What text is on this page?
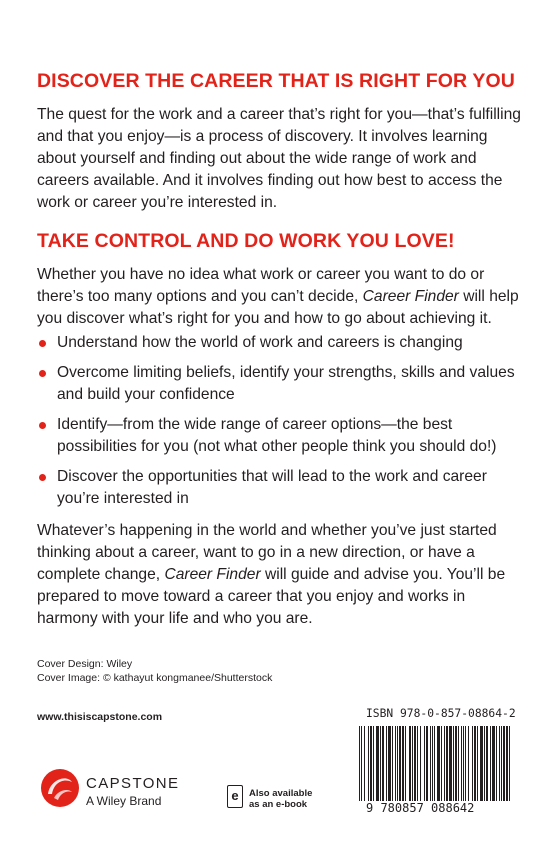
DISCOVER THE CAREER THAT IS RIGHT FOR YOU

The quest for the work and a career that’s right for you—that’s fulfilling and that you enjoy—is a process of discovery. It involves learning about yourself and finding out about the wide range of work and careers available. And it involves finding out how best to access the work or career you’re interested in.

TAKE CONTROL AND DO WORK YOU LOVE!

Whether you have no idea what work or career you want to do or there’s too many options and you can’t decide, Career Finder will help you discover what’s right for you and how to go about achieving it.

Understand how the world of work and careers is changing
Overcome limiting beliefs, identify your strengths, skills and values and build your confidence
Identify—from the wide range of career options—the best possibilities for you (not what other people think you should do!)
Discover the opportunities that will lead to the work and career you’re interested in

Whatever’s happening in the world and whether you’ve just started thinking about a career, want to go in a new direction, or have a complete change, Career Finder will guide and advise you. You’ll be prepared to move toward a career that you enjoy and works in harmony with your life and who you are.

Cover Design: Wiley
Cover Image: © kathayut kongmanee/Shutterstock
www.thisiscapstone.com
CAPSTONE
A Wiley Brand	e	Also available
as an e-book
ISBN 978-0-857-08864-2
9 780857 088642
